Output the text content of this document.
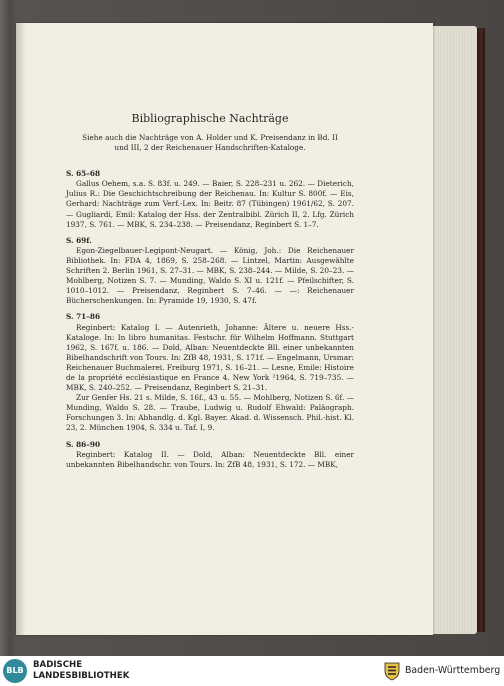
Bibliographische Nachträge
Siehe auch die Nachträge von A. Holder und K. Preisendanz in Bd. II und III, 2 der Reichenauer Handschriften-Kataloge.
S. 65–68
Gallus Oehem, s.a. S. 83f. u. 249. — Baier, S. 228–231 u. 262. — Dieterich, Julius R.: Die Geschichtschreibung der Reichenau. In: Kultur S. 800f. — Eis, Gerhard: Nachträge zum Verf.-Lex. In: Beitr. 87 (Tübingen) 1961/62, S. 207. — Gugliardi, Emil: Katalog der Hss. der Zentralbibl. Zürich II, 2. Lfg. Zürich 1937, S. 761. — MBK, S. 234–238. — Preisendanz, Reginbert S. 1–7.
S. 69f.
Egon-Ziegelbauer-Legipont-Neugart. — König, Joh.: Die Reichenauer Bibliothek. In: FDA 4, 1869, S. 258–268. — Lintzel, Martin: Ausgewählte Schriften 2. Berlin 1961, S. 27–31. — MBK, S. 238–244. — Milde, S. 20–23. — Mohlberg, Notizen S. 7. — Munding, Waldo S. XI u. 121f. — Pfeilschifter, S. 1010–1012. — Preisendanz, Reginbert S. 7–46. — —: Reichenauer Bücherschenkungen. In: Pyramide 19, 1930, S. 47f.
S. 71–86
Reginbert: Katalog I. — Autenrieth, Johanne: Ältere u. neuere Hss.-Kataloge. In: In libro humanitas. Festschr. für Wilhelm Hoffmann. Stuttgart 1962, S. 167f. u. 186. — Dold, Alban: Neuentdeckte Bll. einer unbekannten Bibelhandschrift von Tours. In: ZfB 48, 1931, S. 171f. — Engelmann, Ursmar: Reichenauer Buchmalerei. Freiburg 1971, S. 16–21. — Lesne, Emile: Histoire de la propriété ecclésiastique en France 4. New York ²1964, S. 719–735. — MBK, S. 240–252. — Preisendanz, Reginbert S. 21–31.
Zur Genfer Hs. 21 s. Milde, S. 16f., 43 u. 55. — Mohlberg, Notizen S. 6f. — Munding, Waldo S. 28. — Traube, Ludwig u. Rudolf Ehwald: Paläograph. Forschungen 3. In: Abhandlg. d. Kgl. Bayer. Akad. d. Wissensch. Phil.-hist. Kl. 23, 2. München 1904, S. 334 u. Taf. I, 9.
S. 86–90
Reginbert: Katalog II. — Dold, Alban: Neuentdeckte Bll. einer unbekannten Bibelhandschr. von Tours. In: ZfB 48, 1931, S. 172. — MBK,
BLB
BADISCHE
LANDESBIBLIOTHEK	Baden-Württemberg
